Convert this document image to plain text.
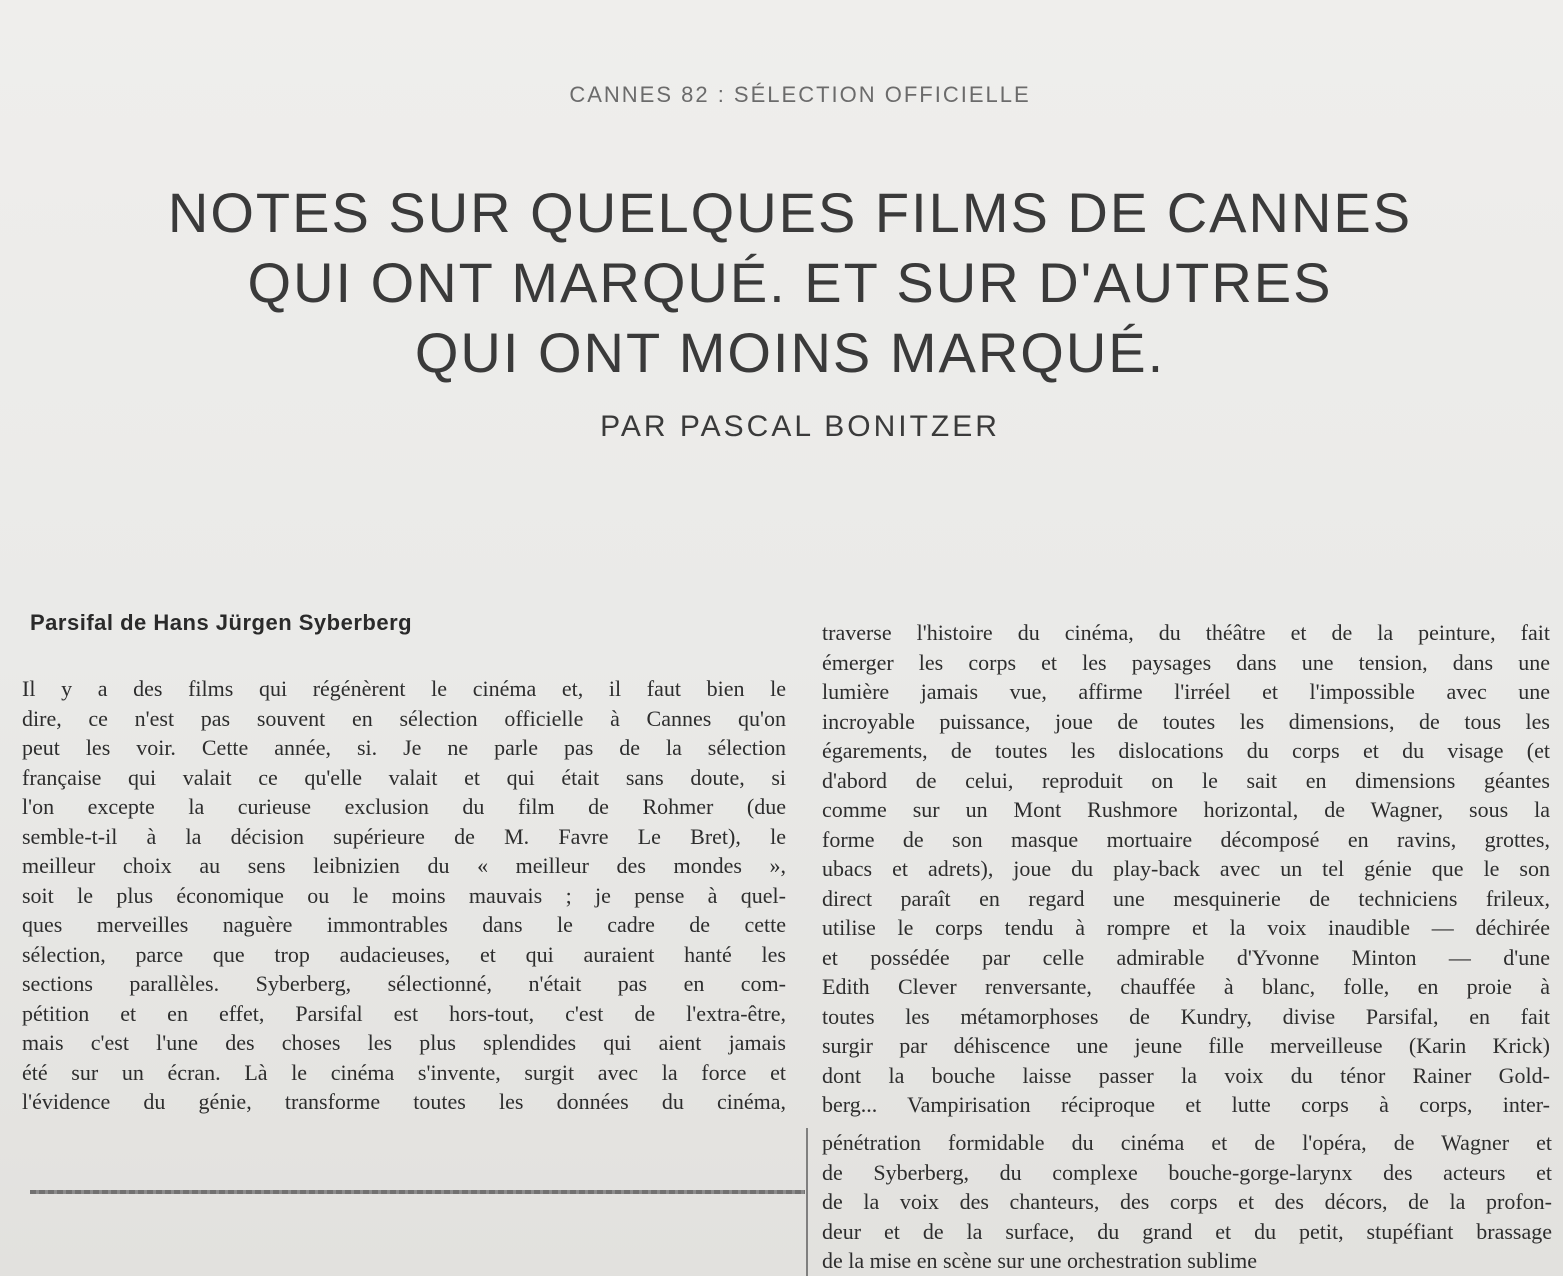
CANNES 82 : SÉLECTION OFFICIELLE
NOTES SUR QUELQUES FILMS DE CANNES
QUI ONT MARQUÉ. ET SUR D'AUTRES
QUI ONT MOINS MARQUÉ.
PAR PASCAL BONITZER
Parsifal de Hans Jürgen Syberberg
Il y a des films qui régénèrent le cinéma et, il faut bien le
dire, ce n'est pas souvent en sélection officielle à Cannes qu'on
peut les voir. Cette année, si. Je ne parle pas de la sélection
française qui valait ce qu'elle valait et qui était sans doute, si
l'on excepte la curieuse exclusion du film de Rohmer (due
semble-t-il à la décision supérieure de M. Favre Le Bret), le
meilleur choix au sens leibnizien du « meilleur des mondes »,
soit le plus économique ou le moins mauvais ; je pense à quel-
ques merveilles naguère immontrables dans le cadre de cette
sélection, parce que trop audacieuses, et qui auraient hanté les
sections parallèles. Syberberg, sélectionné, n'était pas en com-
pétition et en effet, Parsifal est hors-tout, c'est de l'extra-être,
mais c'est l'une des choses les plus splendides qui aient jamais
été sur un écran. Là le cinéma s'invente, surgit avec la force et
l'évidence du génie, transforme toutes les données du cinéma,
traverse l'histoire du cinéma, du théâtre et de la peinture, fait
émerger les corps et les paysages dans une tension, dans une
lumière jamais vue, affirme l'irréel et l'impossible avec une
incroyable puissance, joue de toutes les dimensions, de tous les
égarements, de toutes les dislocations du corps et du visage (et
d'abord de celui, reproduit on le sait en dimensions géantes
comme sur un Mont Rushmore horizontal, de Wagner, sous la
forme de son masque mortuaire décomposé en ravins, grottes,
ubacs et adrets), joue du play-back avec un tel génie que le son
direct paraît en regard une mesquinerie de techniciens frileux,
utilise le corps tendu à rompre et la voix inaudible — déchirée
et possédée par celle admirable d'Yvonne Minton — d'une
Edith Clever renversante, chauffée à blanc, folle, en proie à
toutes les métamorphoses de Kundry, divise Parsifal, en fait
surgir par déhiscence une jeune fille merveilleuse (Karin Krick)
dont la bouche laisse passer la voix du ténor Rainer Gold-
berg... Vampirisation réciproque et lutte corps à corps, inter-
pénétration formidable du cinéma et de l'opéra, de Wagner et
de Syberberg, du complexe bouche-gorge-larynx des acteurs et
de la voix des chanteurs, des corps et des décors, de la profon-
deur et de la surface, du grand et du petit, stupéfiant brassage
de la mise en scène sur une orchestration sublime
